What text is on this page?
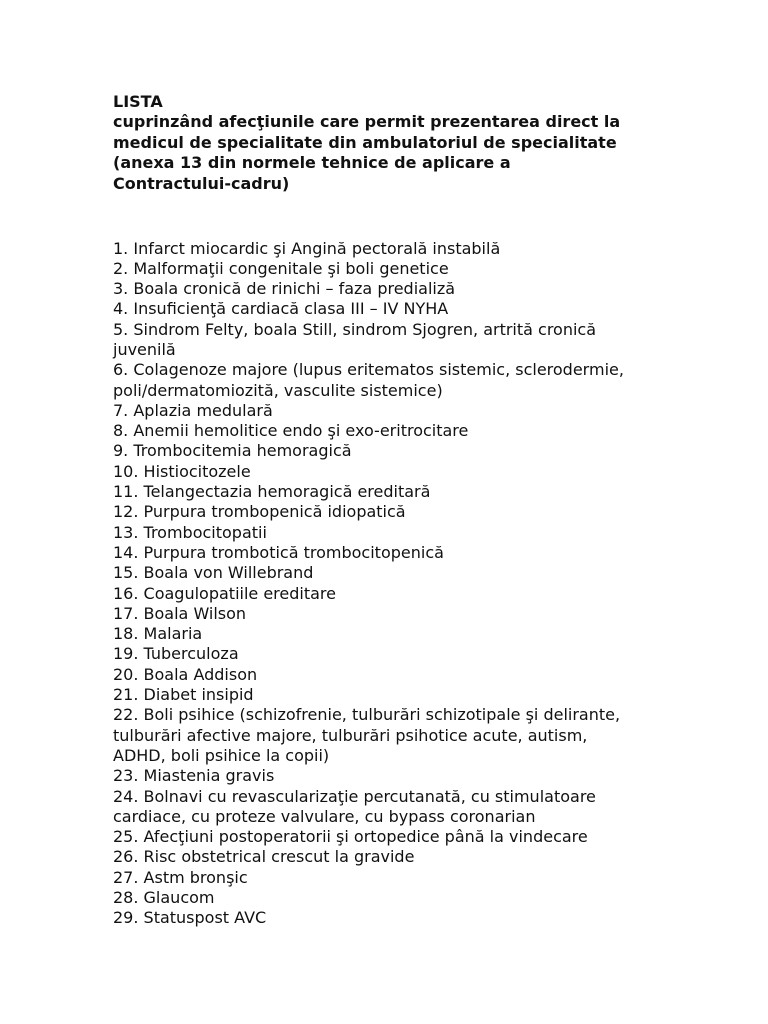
LISTA
cuprinzând afecţiunile care permit prezentarea direct la
medicul de specialitate din ambulatoriul de specialitate
(anexa 13 din normele tehnice de aplicare a
Contractului-cadru)
1. Infarct miocardic şi Angină pectorală instabilă
2. Malformaţii congenitale şi boli genetice
3. Boala cronică de rinichi – faza predializă
4. Insuficienţă cardiacă clasa III – IV NYHA
5. Sindrom Felty, boala Still, sindrom Sjogren, artrită cronică
juvenilă
6. Colagenoze majore (lupus eritematos sistemic, sclerodermie,
poli/dermatomiozită, vasculite sistemice)
7. Aplazia medulară
8. Anemii hemolitice endo şi exo-eritrocitare
9. Trombocitemia hemoragică
10. Histiocitozele
11. Telangectazia hemoragică ereditară
12. Purpura trombopenică idiopatică
13. Trombocitopatii
14. Purpura trombotică trombocitopenică
15. Boala von Willebrand
16. Coagulopatiile ereditare
17. Boala Wilson
18. Malaria
19. Tuberculoza
20. Boala Addison
21. Diabet insipid
22. Boli psihice (schizofrenie, tulburări schizotipale şi delirante,
tulburări afective majore, tulburări psihotice acute, autism,
ADHD, boli psihice la copii)
23. Miastenia gravis
24. Bolnavi cu revascularizaţie percutanată, cu stimulatoare
cardiace, cu proteze valvulare, cu bypass coronarian
25. Afecţiuni postoperatorii şi ortopedice până la vindecare
26. Risc obstetrical crescut la gravide
27. Astm bronşic
28. Glaucom
29. Statuspost AVC
